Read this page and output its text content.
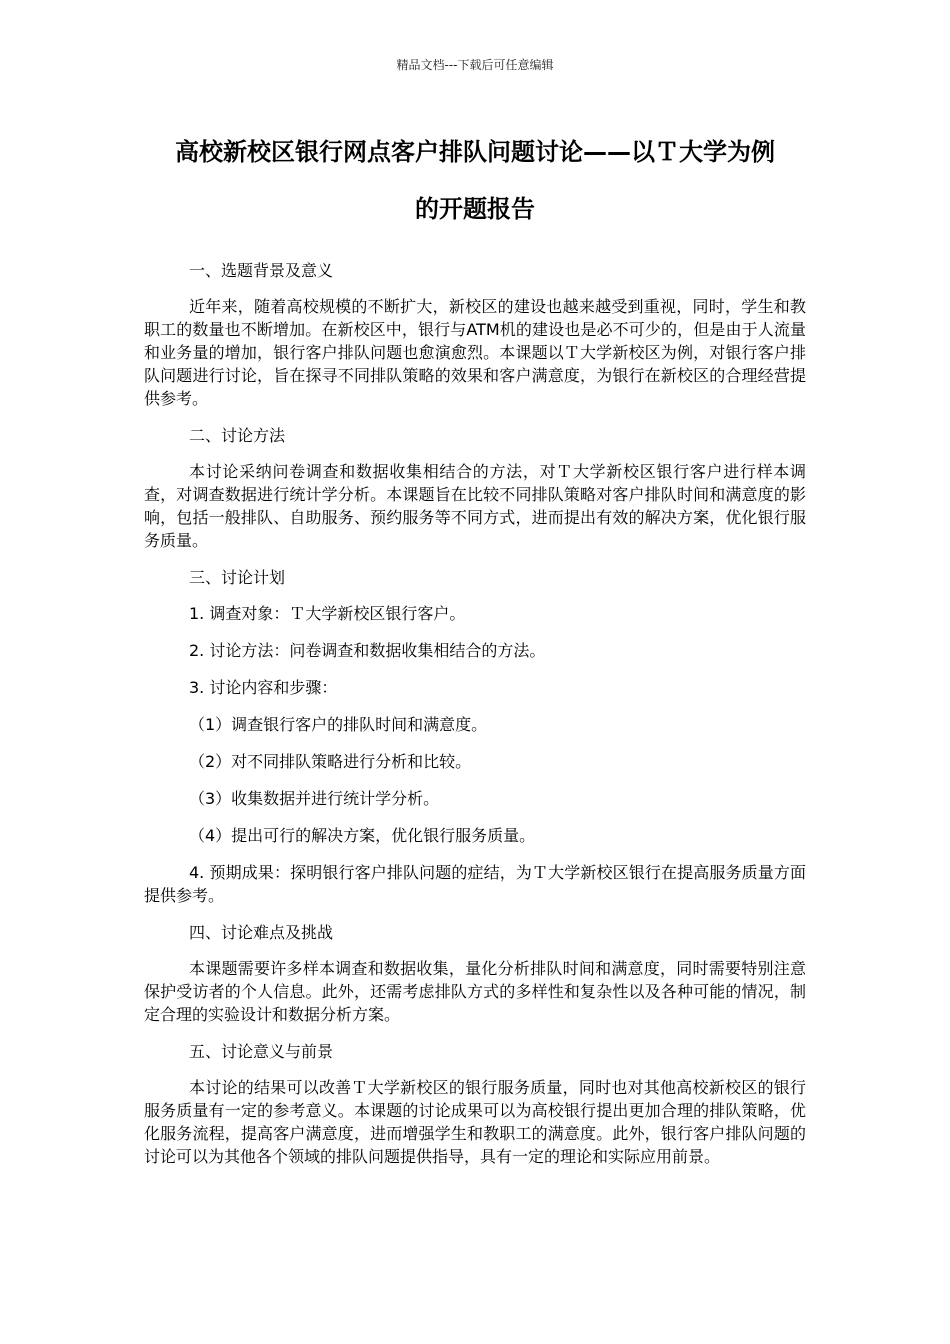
精品文档---下载后可任意编辑
高校新校区银行网点客户排队问题讨论——以Ｔ大学为例
的开题报告
一、选题背景及意义

近年来，随着高校规模的不断扩大，新校区的建设也越来越受到重视，同时，学生和教职工的数量也不断增加。在新校区中，银行与ATM机的建设也是必不可少的，但是由于人流量和业务量的增加，银行客户排队问题也愈演愈烈。本课题以Ｔ大学新校区为例，对银行客户排队问题进行讨论，旨在探寻不同排队策略的效果和客户满意度，为银行在新校区的合理经营提供参考。

二、讨论方法

本讨论采纳问卷调查和数据收集相结合的方法，对Ｔ大学新校区银行客户进行样本调查，对调查数据进行统计学分析。本课题旨在比较不同排队策略对客户排队时间和满意度的影响，包括一般排队、自助服务、预约服务等不同方式，进而提出有效的解决方案，优化银行服务质量。

三、讨论计划
1. 调查对象：Ｔ大学新校区银行客户。
2. 讨论方法：问卷调查和数据收集相结合的方法。
3. 讨论内容和步骤：
（1）调查银行客户的排队时间和满意度。
（2）对不同排队策略进行分析和比较。
（3）收集数据并进行统计学分析。
（4）提出可行的解决方案，优化银行服务质量。

4. 预期成果：探明银行客户排队问题的症结，为Ｔ大学新校区银行在提高服务质量方面提供参考。

四、讨论难点及挑战

本课题需要许多样本调查和数据收集，量化分析排队时间和满意度，同时需要特别注意保护受访者的个人信息。此外，还需考虑排队方式的多样性和复杂性以及各种可能的情况，制定合理的实验设计和数据分析方案。

五、讨论意义与前景

本讨论的结果可以改善Ｔ大学新校区的银行服务质量，同时也对其他高校新校区的银行服务质量有一定的参考意义。本课题的讨论成果可以为高校银行提出更加合理的排队策略，优化服务流程，提高客户满意度，进而增强学生和教职工的满意度。此外，银行客户排队问题的讨论可以为其他各个领域的排队问题提供指导，具有一定的理论和实际应用前景。
